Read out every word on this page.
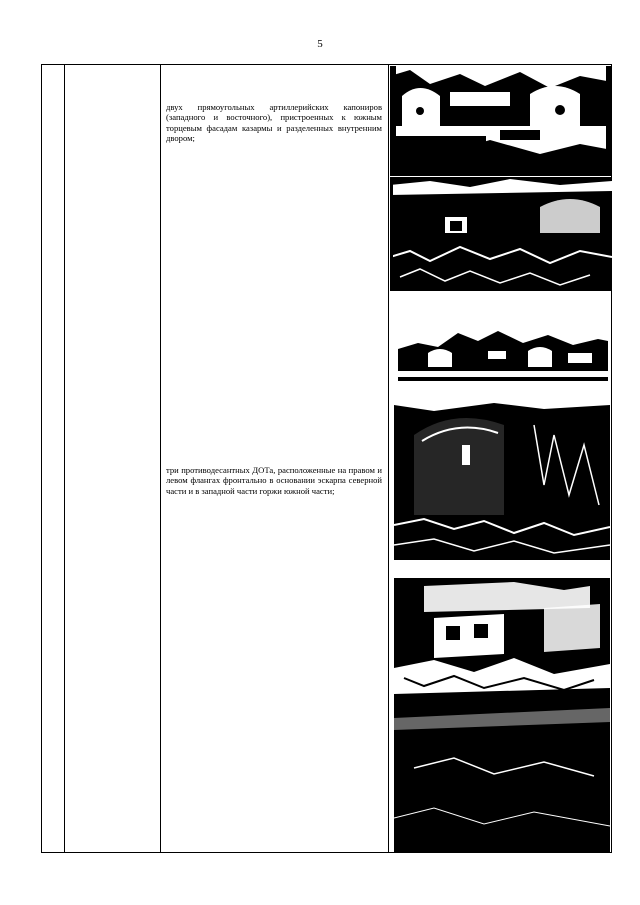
5
двух прямоугольных артиллерийских капониров (западного и восточного), пристроенных к южным торцевым фасадам казармы и разделенных внутренним двором;
три противодесантных ДОТа, расположенные на правом и левом флангах фронтально в основании эскарпа северной части и в западной части горжи южной части;
